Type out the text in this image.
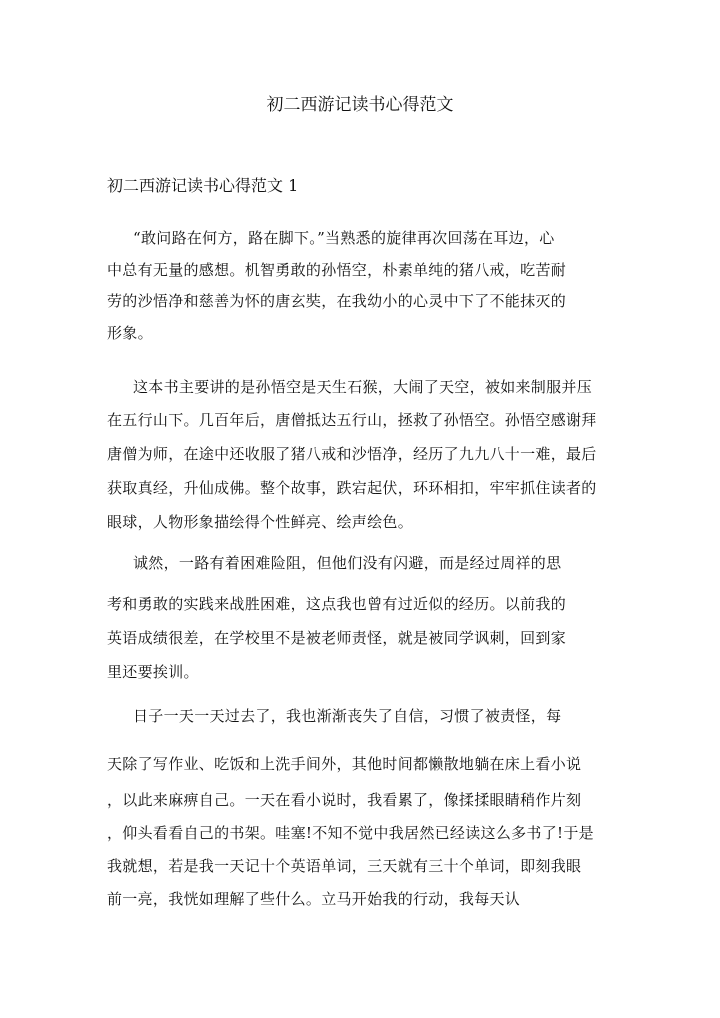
初二西游记读书心得范文
初二西游记读书心得范文 1
“敢问路在何方，路在脚下。”当熟悉的旋律再次回荡在耳边，心
中总有无量的感想。机智勇敢的孙悟空，朴素单纯的猪八戒，吃苦耐
劳的沙悟净和慈善为怀的唐玄奘，在我幼小的心灵中下了不能抹灭的
形象。
这本书主要讲的是孙悟空是天生石猴，大闹了天空，被如来制服并压
在五行山下。几百年后，唐僧抵达五行山，拯救了孙悟空。孙悟空感谢拜
唐僧为师，在途中还收服了猪八戒和沙悟净，经历了九九八十一难，最后
获取真经，升仙成佛。整个故事，跌宕起伏，环环相扣，牢牢抓住读者的
眼球，人物形象描绘得个性鲜亮、绘声绘色。
诚然，一路有着困难险阻，但他们没有闪避，而是经过周祥的思
考和勇敢的实践来战胜困难，这点我也曾有过近似的经历。以前我的
英语成绩很差，在学校里不是被老师责怪，就是被同学讽刺，回到家
里还要挨训。
日子一天一天过去了，我也渐渐丧失了自信，习惯了被责怪，每
天除了写作业、吃饭和上洗手间外，其他时间都懒散地躺在床上看小说
，以此来麻痹自己。一天在看小说时，我看累了，像揉揉眼睛稍作片刻
，仰头看看自己的书架。哇塞!不知不觉中我居然已经读这么多书了!于是
我就想，若是我一天记十个英语单词，三天就有三十个单词，即刻我眼
前一亮，我恍如理解了些什么。立马开始我的行动，我每天认
